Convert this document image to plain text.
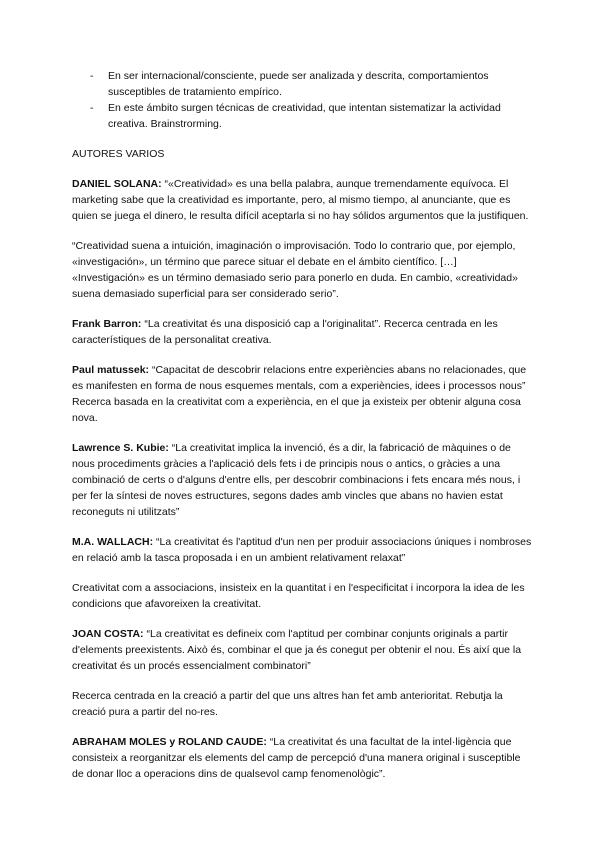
- En ser internacional/consciente, puede ser analizada y descrita, comportamientos susceptibles de tratamiento empírico.
- En este ámbito surgen técnicas de creatividad, que intentan sistematizar la actividad creativa. Brainstrorming.

AUTORES VARIOS

DANIEL SOLANA: “«Creatividad» es una bella palabra, aunque tremendamente equívoca. El marketing sabe que la creatividad es importante, pero, al mismo tiempo, al anunciante, que es quien se juega el dinero, le resulta difícil aceptarla si no hay sólidos argumentos que la justifiquen.

“Creatividad suena a intuición, imaginación o improvisación. Todo lo contrario que, por ejemplo, «investigación», un término que parece situar el debate en el ámbito científico. […] «Investigación» es un término demasiado serio para ponerlo en duda. En cambio, «creatividad» suena demasiado superficial para ser considerado serio”.

Frank Barron: “La creativitat és una disposició cap a l'originalitat”. Recerca centrada en les característiques de la personalitat creativa.

Paul matussek: “Capacitat de descobrir relacions entre experiències abans no relacionades, que es manifesten en forma de nous esquemes mentals, com a experiències, idees i processos nous”

Recerca basada en la creativitat com a experiència, en el que ja existeix per obtenir alguna cosa nova.

Lawrence S. Kubie: “La creativitat implica la invenció, és a dir, la fabricació de màquines o de nous procediments gràcies a l'aplicació dels fets i de principis nous o antics, o gràcies a una combinació de certs o d'alguns d'entre ells, per descobrir combinacions i fets encara més nous, i per fer la síntesi de noves estructures, segons dades amb vincles que abans no havien estat reconeguts ni utilitzats”

M.A. WALLACH: “La creativitat és l'aptitud d'un nen per produir associacions úniques i nombroses en relació amb la tasca proposada i en un ambient relativament relaxat”

Creativitat com a associacions, insisteix en la quantitat i en l'especificitat i incorpora la idea de les condicions que afavoreixen la creativitat.

JOAN COSTA: “La creativitat es defineix com l'aptitud per combinar conjunts originals a partir d'elements preexistents. Això és, combinar el que ja és conegut per obtenir el nou. És així que la creativitat és un procés essencialment combinatori”

Recerca centrada en la creació a partir del que uns altres han fet amb anterioritat. Rebutja la creació pura a partir del no-res.

ABRAHAM MOLES y ROLAND CAUDE: “La creativitat és una facultat de la intel·ligència que consisteix a reorganitzar els elements del camp de percepció d'una manera original i susceptible de donar lloc a operacions dins de qualsevol camp fenomenològic”.
